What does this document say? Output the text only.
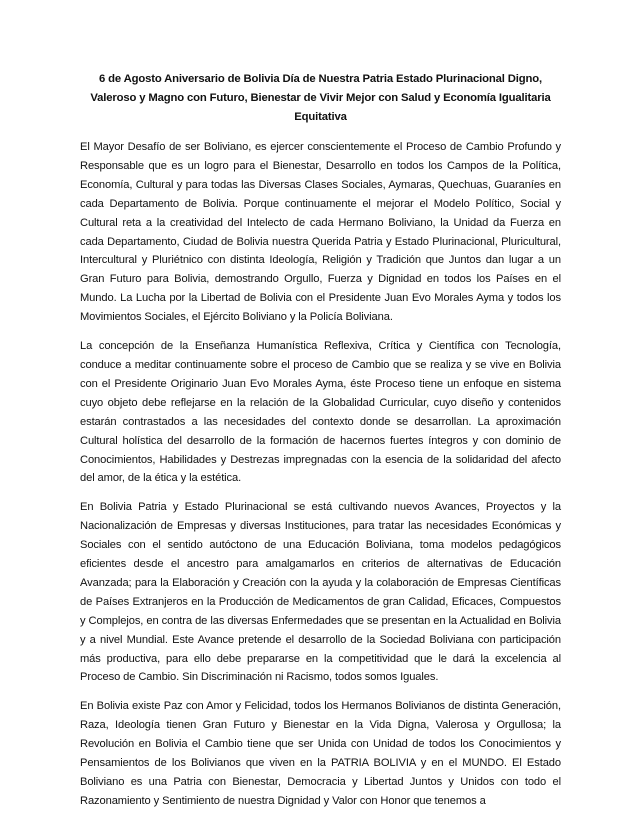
6 de Agosto Aniversario de Bolivia Día de Nuestra Patria Estado Plurinacional Digno, Valeroso y Magno con Futuro, Bienestar de Vivir Mejor con Salud y Economía Igualitaria Equitativa

El Mayor Desafío de ser Boliviano, es ejercer conscientemente el Proceso de Cambio Profundo y Responsable que es un logro para el Bienestar, Desarrollo en todos los Campos de la Política, Economía, Cultural y para todas las Diversas Clases Sociales, Aymaras, Quechuas, Guaraníes en cada Departamento de Bolivia. Porque continuamente el mejorar el Modelo Político, Social y Cultural reta a la creatividad del Intelecto de cada Hermano Boliviano, la Unidad da Fuerza en cada Departamento, Ciudad de Bolivia nuestra Querida Patria y Estado Plurinacional, Pluricultural, Intercultural y Pluriétnico con distinta Ideología, Religión y Tradición que Juntos dan lugar a un Gran Futuro para Bolivia, demostrando Orgullo, Fuerza y Dignidad en todos los Países en el Mundo. La Lucha por la Libertad de Bolivia con el Presidente Juan Evo Morales Ayma y todos los Movimientos Sociales, el Ejército Boliviano y la Policía Boliviana.

La concepción de la Enseñanza Humanística Reflexiva, Crítica y Científica con Tecnología, conduce a meditar continuamente sobre el proceso de Cambio que se realiza y se vive en Bolivia con el Presidente Originario Juan Evo Morales Ayma, éste Proceso tiene un enfoque en sistema cuyo objeto debe reflejarse en la relación de la Globalidad Curricular, cuyo diseño y contenidos estarán contrastados a las necesidades del contexto donde se desarrollan. La aproximación Cultural holística del desarrollo de la formación de hacernos fuertes íntegros y con dominio de Conocimientos, Habilidades y Destrezas impregnadas con la esencia de la solidaridad del afecto del amor, de la ética y la estética.

En Bolivia Patria y Estado Plurinacional se está cultivando nuevos Avances, Proyectos y la Nacionalización de Empresas y diversas Instituciones, para tratar las necesidades Económicas y Sociales con el sentido autóctono de una Educación Boliviana, toma modelos pedagógicos eficientes desde el ancestro para amalgamarlos en criterios de alternativas de Educación Avanzada; para la Elaboración y Creación con la ayuda y la colaboración de Empresas Científicas de Países Extranjeros en la Producción de Medicamentos de gran Calidad, Eficaces, Compuestos y Complejos, en contra de las diversas Enfermedades que se presentan en la Actualidad en Bolivia y a nivel Mundial. Este Avance pretende el desarrollo de la Sociedad Boliviana con participación más productiva, para ello debe prepararse en la competitividad que le dará la excelencia al Proceso de Cambio. Sin Discriminación ni Racismo, todos somos Iguales.

En Bolivia existe Paz con Amor y Felicidad, todos los Hermanos Bolivianos de distinta Generación, Raza, Ideología tienen Gran Futuro y Bienestar en la Vida Digna, Valerosa y Orgullosa; la Revolución en Bolivia el Cambio tiene que ser Unida con Unidad de todos los Conocimientos y Pensamientos de los Bolivianos que viven en la PATRIA BOLIVIA y en el MUNDO. El Estado Boliviano es una Patria con Bienestar, Democracia y Libertad Juntos y Unidos con todo el Razonamiento y Sentimiento de nuestra Dignidad y Valor con Honor que tenemos a
